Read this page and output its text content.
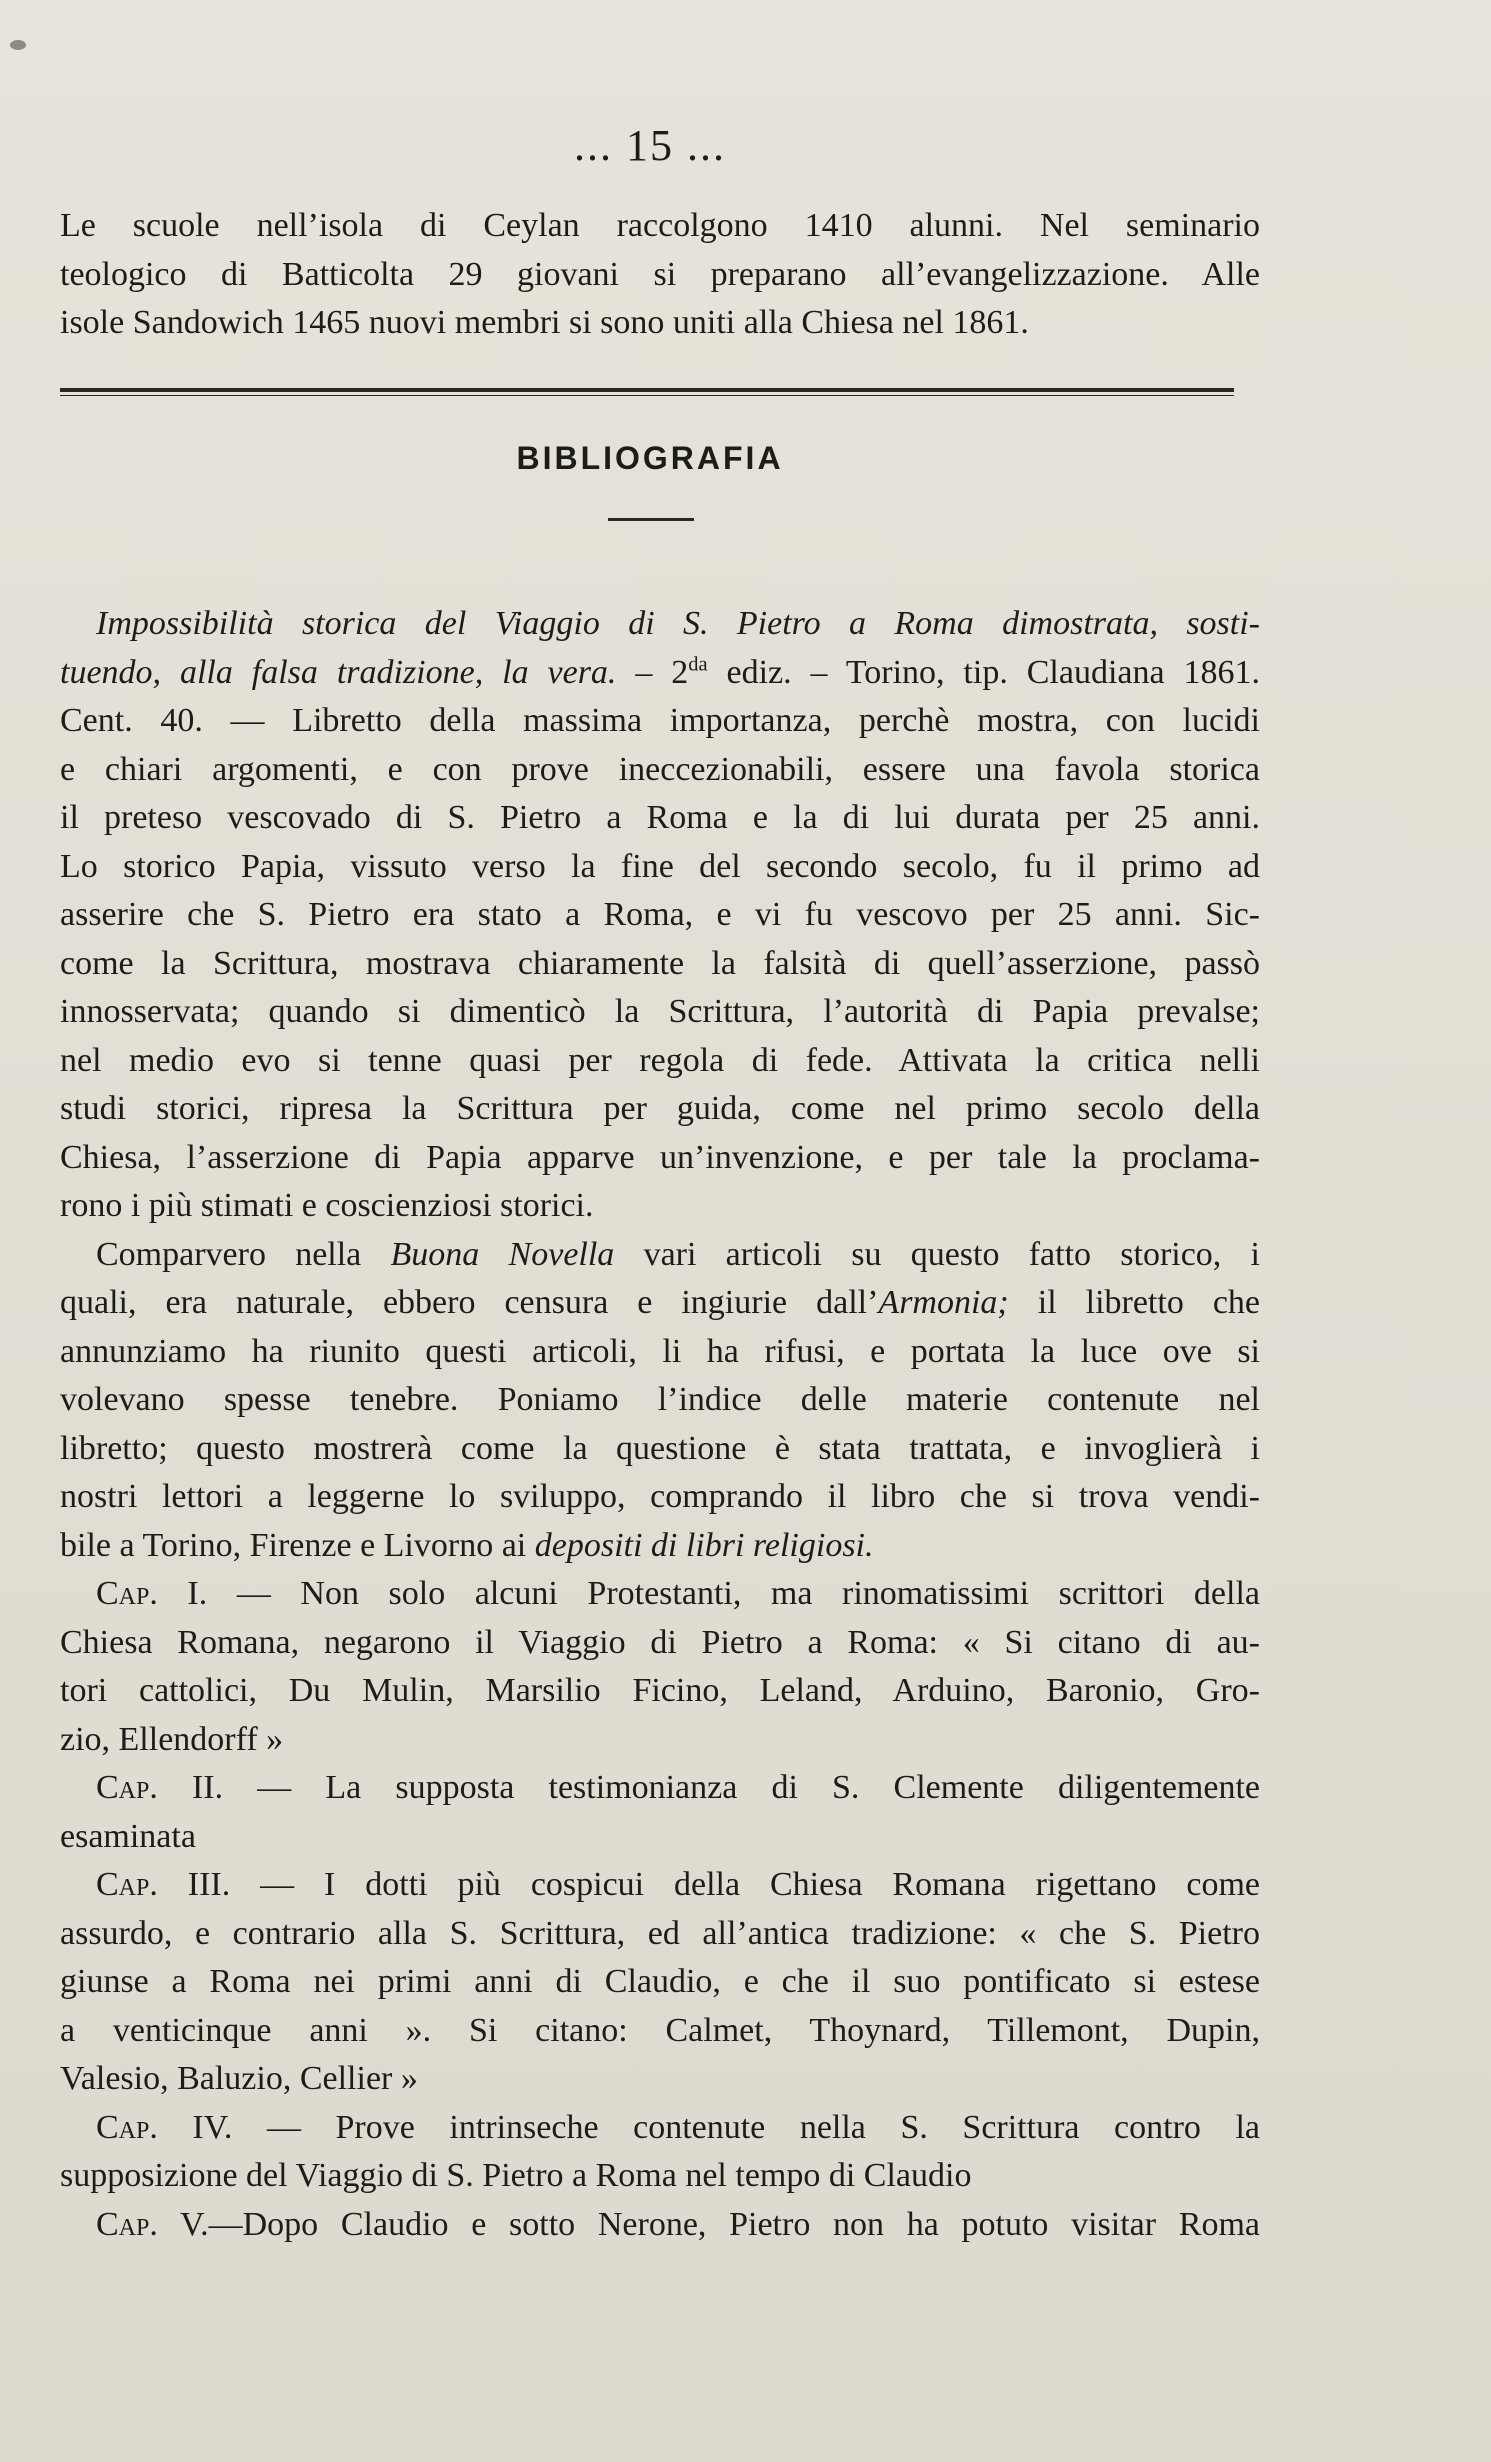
... 15 ...
Le scuole nell’isola di Ceylan raccolgono 1410 alunni. Nel seminario
teologico di Batticolta 29 giovani si preparano all’evangelizzazione. Alle
isole Sandowich 1465 nuovi membri si sono uniti alla Chiesa nel 1861.
BIBLIOGRAFIA
Impossibilità storica del Viaggio di S. Pietro a Roma dimostrata, sosti-
tuendo, alla falsa tradizione, la vera. – $2^{da}$ ediz. – Torino, tip. Claudiana 1861.
Cent. 40. — Libretto della massima importanza, perchè mostra, con lucidi
e chiari argomenti, e con prove ineccezionabili, essere una favola storica
il preteso vescovado di S. Pietro a Roma e la di lui durata per 25 anni.
Lo storico Papia, vissuto verso la fine del secondo secolo, fu il primo ad
asserire che S. Pietro era stato a Roma, e vi fu vescovo per 25 anni. Sic-
come la Scrittura, mostrava chiaramente la falsità di quell’asserzione, passò
innosservata; quando si dimenticò la Scrittura, l’autorità di Papia prevalse;
nel medio evo si tenne quasi per regola di fede. Attivata la critica nelli
studi storici, ripresa la Scrittura per guida, come nel primo secolo della
Chiesa, l’asserzione di Papia apparve un’invenzione, e per tale la proclama-
rono i più stimati e coscienziosi storici.
Comparvero nella Buona Novella vari articoli su questo fatto storico, i
quali, era naturale, ebbero censura e ingiurie dall’Armonia; il libretto che
annunziamo ha riunito questi articoli, li ha rifusi, e portata la luce ove si
volevano spesse tenebre. Poniamo l’indice delle materie contenute nel
libretto; questo mostrerà come la questione è stata trattata, e invoglierà i
nostri lettori a leggerne lo sviluppo, comprando il libro che si trova vendi-
bile a Torino, Firenze e Livorno ai depositi di libri religiosi.
Cap. I. — Non solo alcuni Protestanti, ma rinomatissimi scrittori della
Chiesa Romana, negarono il Viaggio di Pietro a Roma: « Si citano di au-
tori cattolici, Du Mulin, Marsilio Ficino, Leland, Arduino, Baronio, Gro-
zio, Ellendorff »
Cap. II. — La supposta testimonianza di S. Clemente diligentemente
esaminata
Cap. III. — I dotti più cospicui della Chiesa Romana rigettano come
assurdo, e contrario alla S. Scrittura, ed all’antica tradizione: « che S. Pietro
giunse a Roma nei primi anni di Claudio, e che il suo pontificato si estese
a venticinque anni ». Si citano: Calmet, Thoynard, Tillemont, Dupin,
Valesio, Baluzio, Cellier »
Cap. IV. — Prove intrinseche contenute nella S. Scrittura contro la
supposizione del Viaggio di S. Pietro a Roma nel tempo di Claudio
Cap. V.—Dopo Claudio e sotto Nerone, Pietro non ha potuto visitar Roma
